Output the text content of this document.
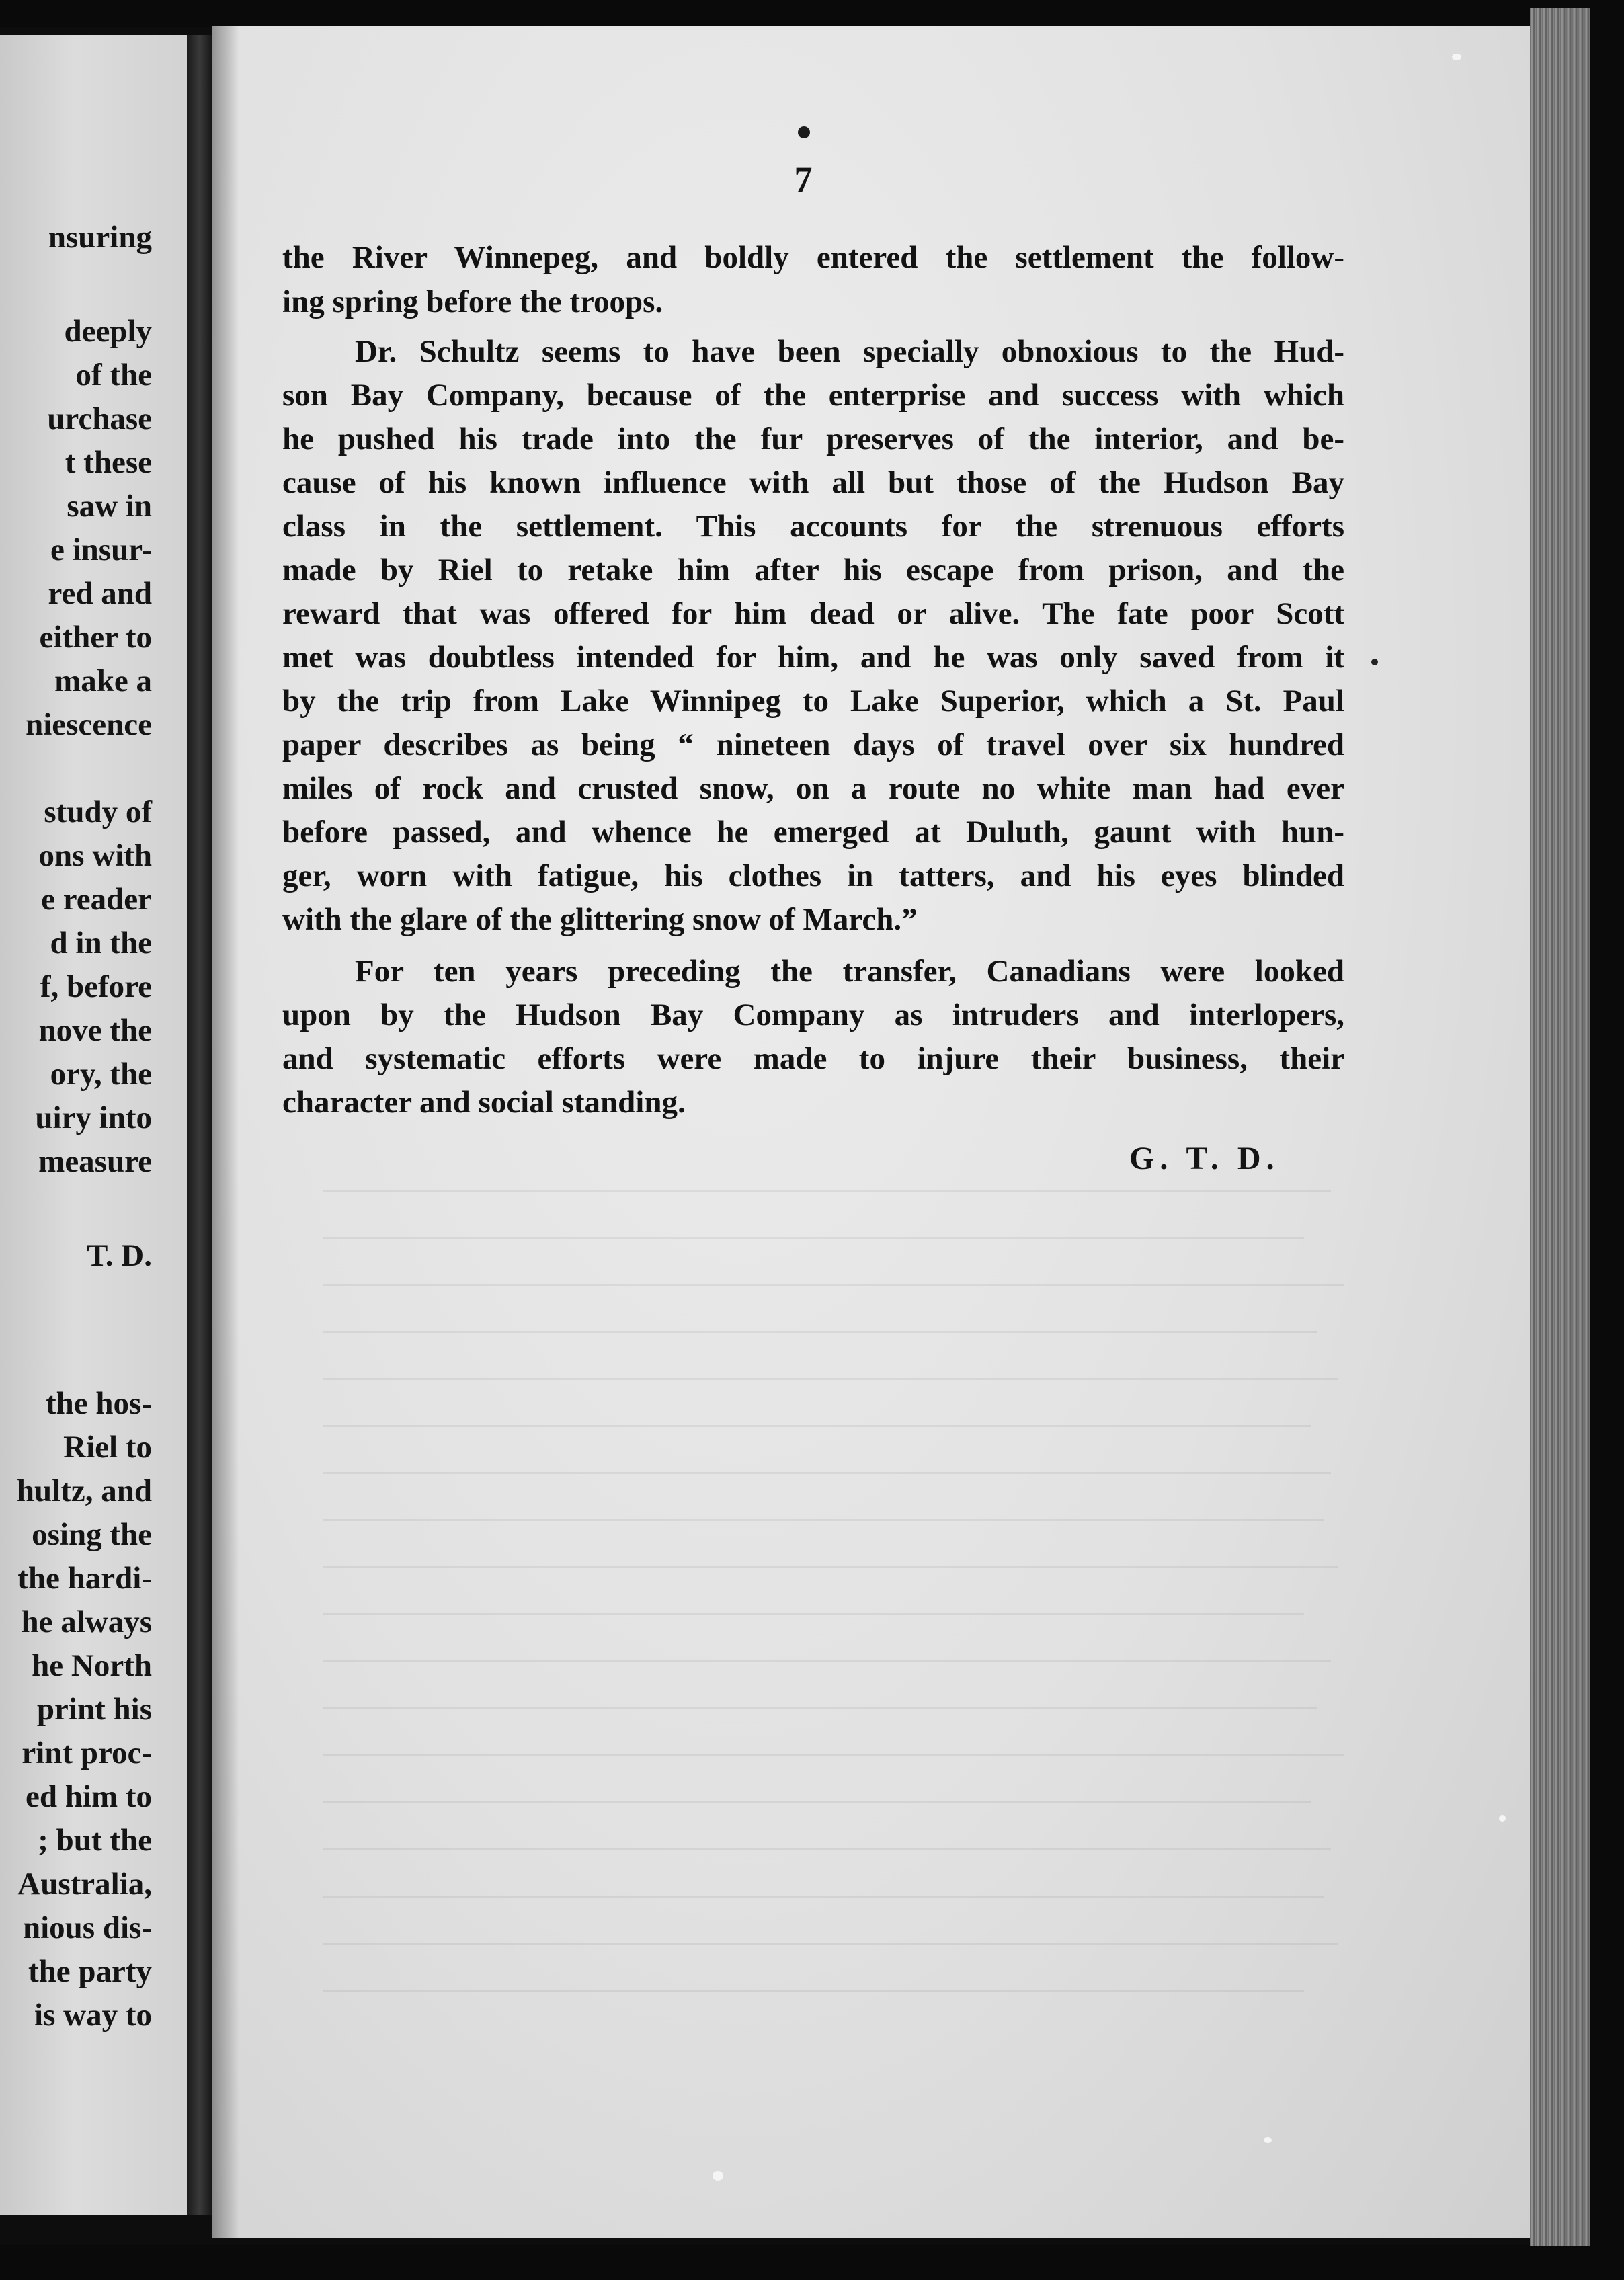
nsuring
deeply
of the
urchase
t these
saw in
e insur-
red and
either to
make a
niescence
study of
ons with
e reader
d in the
f, before
nove the
ory, the
uiry into
measure
T. D.
the hos-
Riel to
hultz, and
osing the
the hardi-
he always
he North
print his
rint proc-
ed him to
; but the
Australia,
nious dis-
the party
is way to
7
the River Winnepeg, and boldly entered the settlement the follow-
ing spring before the troops.
Dr. Schultz seems to have been specially obnoxious to the Hud-
son Bay Company, because of the enterprise and success with which
he pushed his trade into the fur preserves of the interior, and be-
cause of his known influence with all but those of the Hudson Bay
class in the settlement. This accounts for the strenuous efforts
made by Riel to retake him after his escape from prison, and the
reward that was offered for him dead or alive. The fate poor Scott
met was doubtless intended for him, and he was only saved from it
by the trip from Lake Winnipeg to Lake Superior, which a St. Paul
paper describes as being “ nineteen days of travel over six hundred
miles of rock and crusted snow, on a route no white man had ever
before passed, and whence he emerged at Duluth, gaunt with hun-
ger, worn with fatigue, his clothes in tatters, and his eyes blinded
with the glare of the glittering snow of March.”
For ten years preceding the transfer, Canadians were looked
upon by the Hudson Bay Company as intruders and interlopers,
and systematic efforts were made to injure their business, their
character and social standing.
G. T. D.
